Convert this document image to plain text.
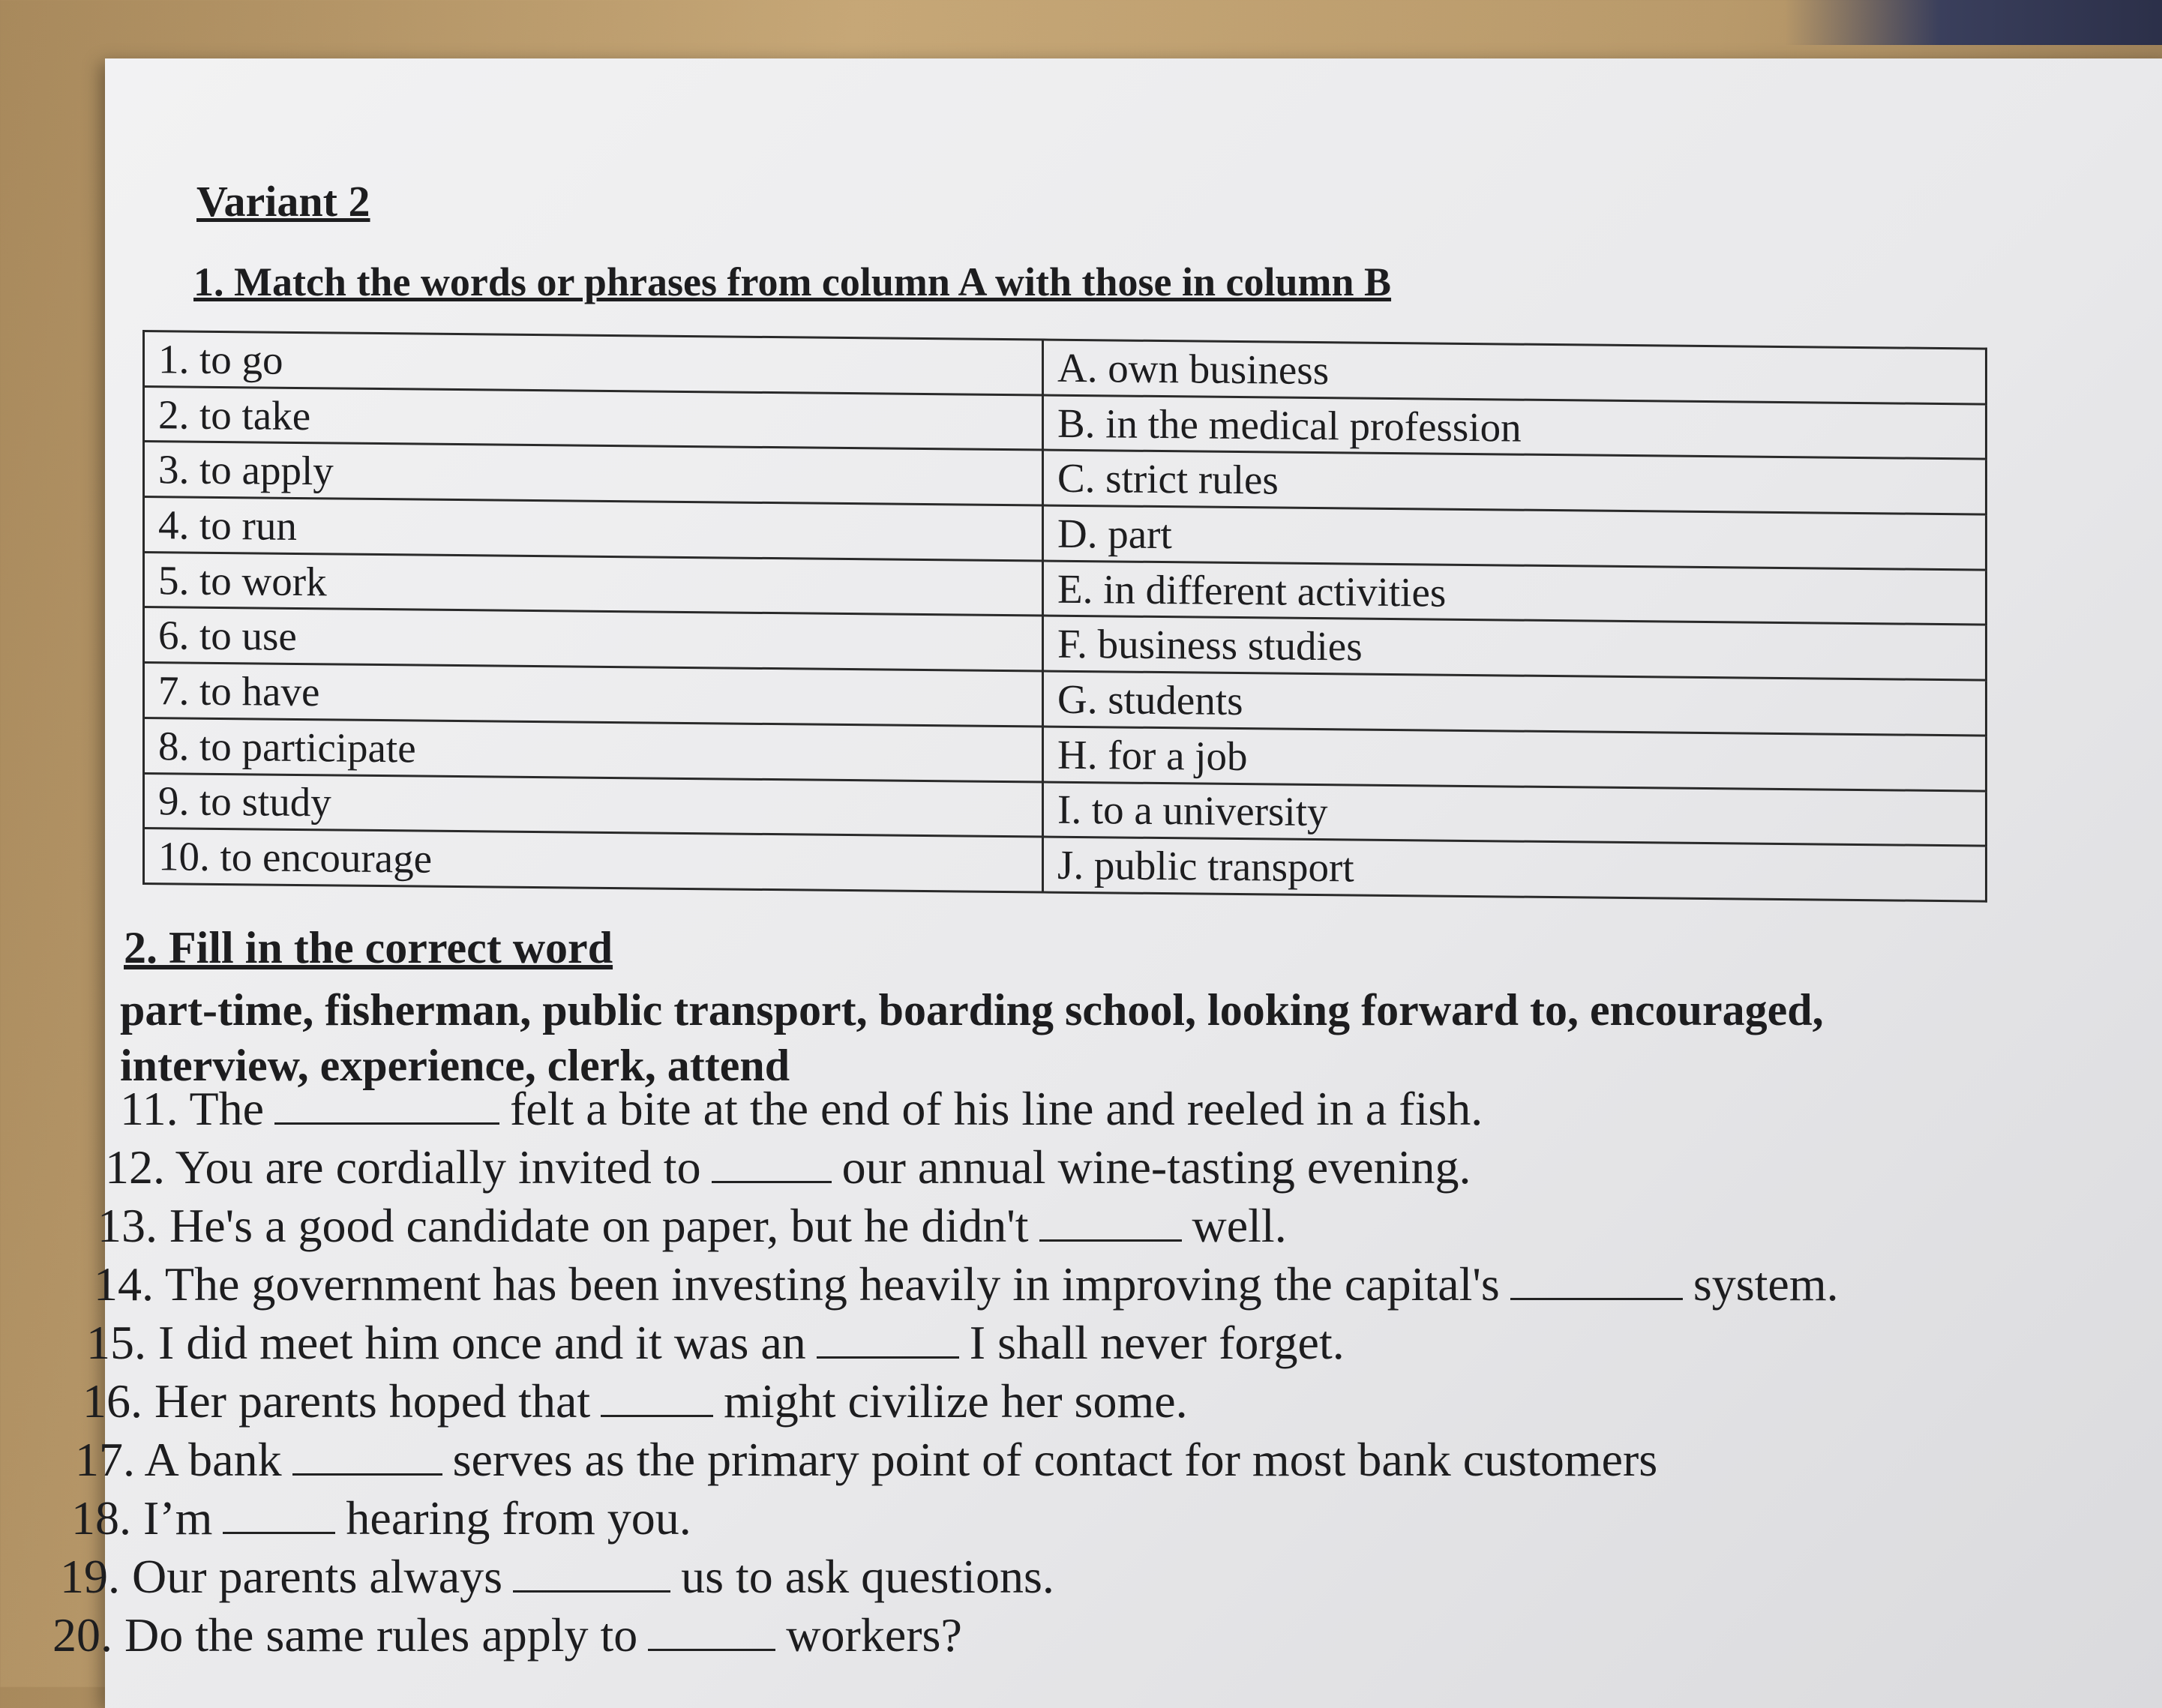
Variant 2
1. Match the words or phrases from column A with those in column B
1. to go	A. own business
2. to take	B. in the medical profession
3. to apply	C. strict rules
4. to run	D. part
5. to work	E. in different activities
6. to use	F. business studies
7. to have	G. students
8. to participate	H. for a job
9. to study	I. to a university
10. to encourage	J. public transport
2. Fill in the correct word
part-time, fisherman, public transport, boarding school, looking forward to, encouraged, interview, experience, clerk, attend
11. The	felt a bite at the end of his line and reeled in a fish.
12. You are cordially invited to	our annual wine-tasting evening.
13. He's a good candidate on paper, but he didn't	well.
14. The government has been investing heavily in improving the capital's	system.
15. I did meet him once and it was an	I shall never forget.
16. Her parents hoped that	might civilize her some.
17. A bank	serves as the primary point of contact for most bank customers
18. I’m	hearing from you.
19. Our parents always	us to ask questions.
20. Do the same rules apply to	workers?
